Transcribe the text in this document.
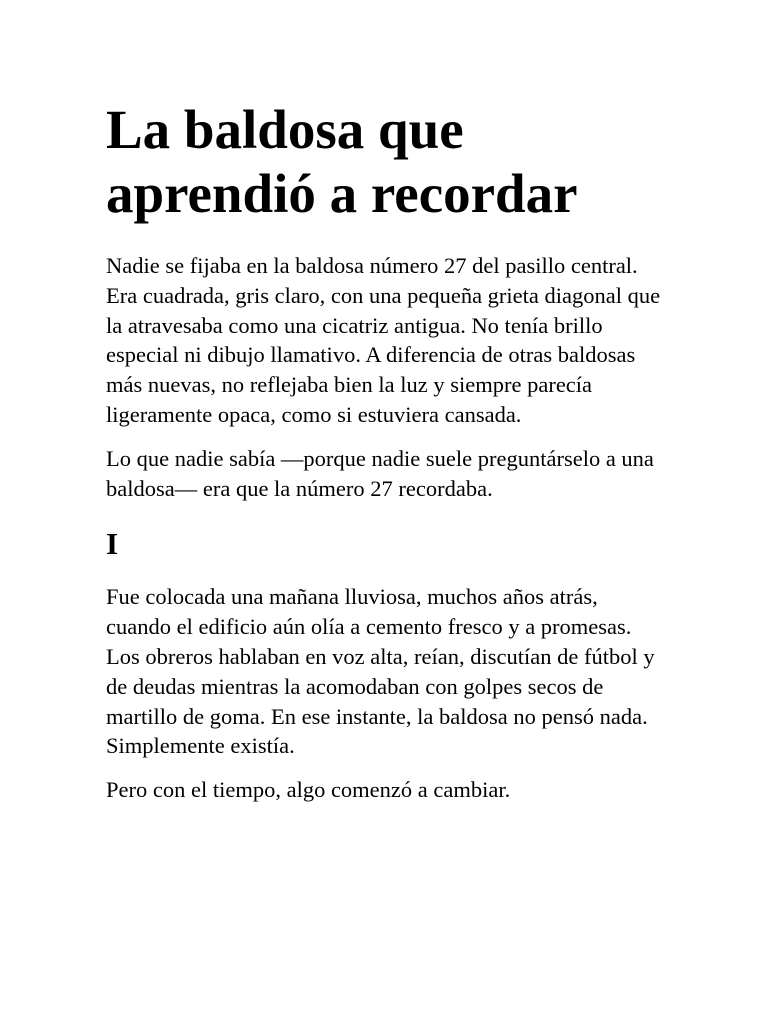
La baldosa que aprendió a recordar

Nadie se fijaba en la baldosa número 27 del pasillo central. Era cuadrada, gris claro, con una pequeña grieta diagonal que la atravesaba como una cicatriz antigua. No tenía brillo especial ni dibujo llamativo. A diferencia de otras baldosas más nuevas, no reflejaba bien la luz y siempre parecía ligeramente opaca, como si estuviera cansada.

Lo que nadie sabía —porque nadie suele preguntárselo a una baldosa— era que la número 27 recordaba.

I

Fue colocada una mañana lluviosa, muchos años atrás, cuando el edificio aún olía a cemento fresco y a promesas. Los obreros hablaban en voz alta, reían, discutían de fútbol y de deudas mientras la acomodaban con golpes secos de martillo de goma. En ese instante, la baldosa no pensó nada. Simplemente existía.

Pero con el tiempo, algo comenzó a cambiar.
